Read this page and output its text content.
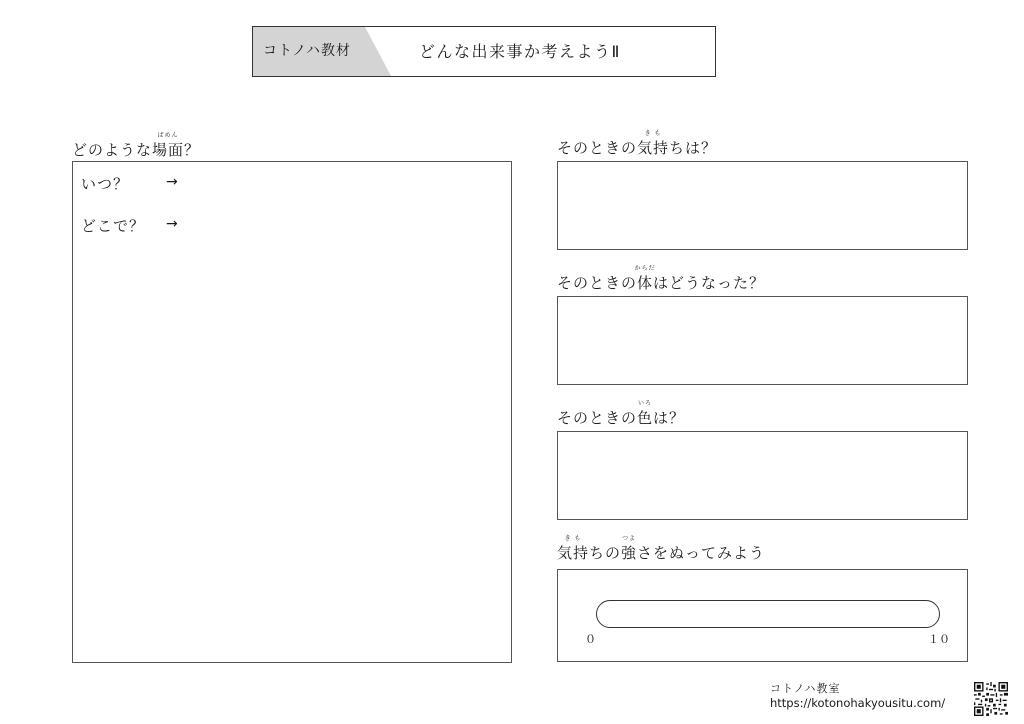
コトノハ教材	どんな出来事か考えようⅡ
どのような
ばめん
場面？
いつ？	→
どこで？ →
そのときの
き も
気持ちは？
そのときの
からだ
体はどうなった？
そのときの
いろ
色は？
き も
気持ちの
つよ
強さをぬってみよう
０	１０
コトノハ教室
https://kotonohakyousitu.com/
